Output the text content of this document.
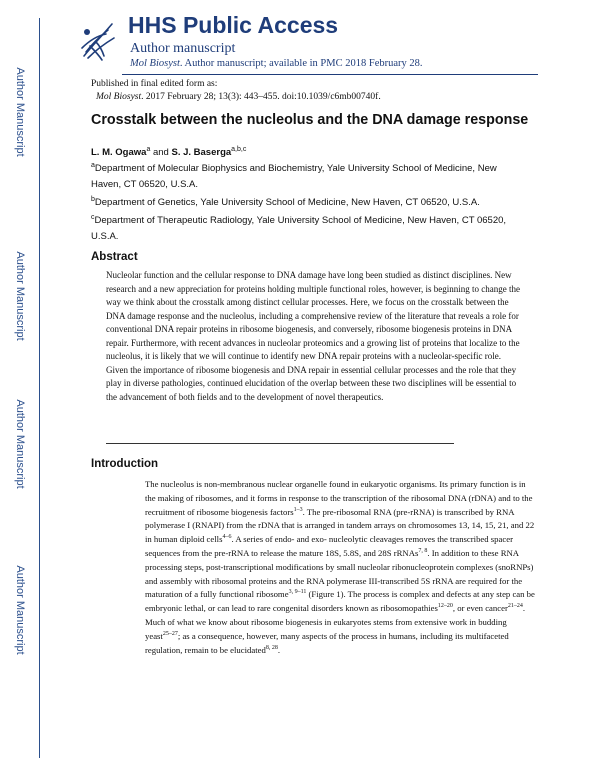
Author Manuscript
Author Manuscript
Author Manuscript
Author Manuscript
HHS Public Access
Author manuscript
Mol Biosyst. Author manuscript; available in PMC 2018 February 28.
Published in final edited form as:
Mol Biosyst. 2017 February 28; 13(3): 443–455. doi:10.1039/c6mb00740f.
Crosstalk between the nucleolus and the DNA damage response
L. M. Ogawa$^a$ and S. J. Baserga$^{a,b,c}$
$^a$Department of Molecular Biophysics and Biochemistry, Yale University School of Medicine, New Haven, CT 06520, U.S.A.
$^b$Department of Genetics, Yale University School of Medicine, New Haven, CT 06520, U.S.A.
$^c$Department of Therapeutic Radiology, Yale University School of Medicine, New Haven, CT 06520, U.S.A.
Abstract

Nucleolar function and the cellular response to DNA damage have long been studied as distinct disciplines. New research and a new appreciation for proteins holding multiple functional roles, however, is beginning to change the way we think about the crosstalk among distinct cellular processes. Here, we focus on the crosstalk between the DNA damage response and the nucleolus, including a comprehensive review of the literature that reveals a role for conventional DNA repair proteins in ribosome biogenesis, and conversely, ribosome biogenesis proteins in DNA repair. Furthermore, with recent advances in nucleolar proteomics and a growing list of proteins that localize to the nucleolus, it is likely that we will continue to identify new DNA repair proteins with a nucleolar-specific role. Given the importance of ribosome biogenesis and DNA repair in essential cellular processes and the role that they play in diverse pathologies, continued elucidation of the overlap between these two disciplines will be essential to the advancement of both fields and to the development of novel therapeutics.

Introduction

The nucleolus is non-membranous nuclear organelle found in eukaryotic organisms. Its primary function is in the making of ribosomes, and it forms in response to the transcription of the ribosomal DNA (rDNA) and to the recruitment of ribosome biogenesis factors$^{1-3}$. The pre-ribosomal RNA (pre-rRNA) is transcribed by RNA polymerase I (RNAPI) from the rDNA that is arranged in tandem arrays on chromosomes 13, 14, 15, 21, and 22 in human diploid cells$^{4-6}$. A series of endo- and exo- nucleolytic cleavages removes the transcribed spacer sequences from the pre-rRNA to release the mature 18S, 5.8S, and 28S rRNAs$^{7, 8}$. In addition to these RNA processing steps, post-transcriptional modifications by small nucleolar ribonucleoprotein complexes (snoRNPs) and assembly with ribosomal proteins and the RNA polymerase III-transcribed 5S rRNA are required for the maturation of a fully functional ribosome$^{3, 9-11}$ (Figure 1). The process is complex and defects at any step can be embryonic lethal, or can lead to rare congenital disorders known as ribosomopathies$^{12-20}$, or even cancer$^{21-24}$. Much of what we know about ribosome biogenesis in eukaryotes stems from extensive work in budding yeast$^{25-27}$; as a consequence, however, many aspects of the process in humans, including its multifaceted regulation, remain to be elucidated$^{8, 28}$.
